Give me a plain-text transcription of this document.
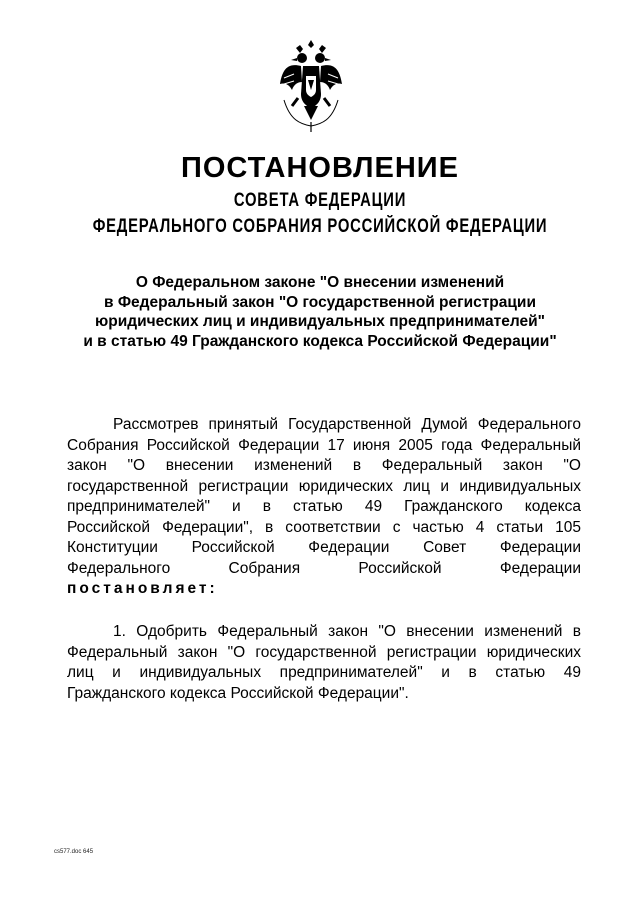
ПОСТАНОВЛЕНИЕ
СОВЕТА ФЕДЕРАЦИИ
ФЕДЕРАЛЬНОГО СОБРАНИЯ РОССИЙСКОЙ ФЕДЕРАЦИИ
О Федеральном законе "О внесении изменений
в Федеральный закон "О государственной регистрации
юридических лиц и индивидуальных предпринимателей"
и в статью 49 Гражданского кодекса Российской Федерации"
Рассмотрев принятый Государственной Думой Федерального
Собрания Российской Федерации 17 июня 2005 года Федеральный
закон "О внесении изменений в Федеральный закон "О
государственной регистрации юридических лиц и индивидуальных
предпринимателей" и в статью 49 Гражданского кодекса
Российской Федерации", в соответствии с частью 4 статьи 105
Конституции Российской Федерации Совет Федерации
Федерального Собрания Российской Федерации
постановляет:
1. Одобрить Федеральный закон "О внесении изменений в
Федеральный закон "О государственной регистрации юридических
лиц и индивидуальных предпринимателей" и в статью 49
Гражданского кодекса Российской Федерации".
cs577.doc 645
